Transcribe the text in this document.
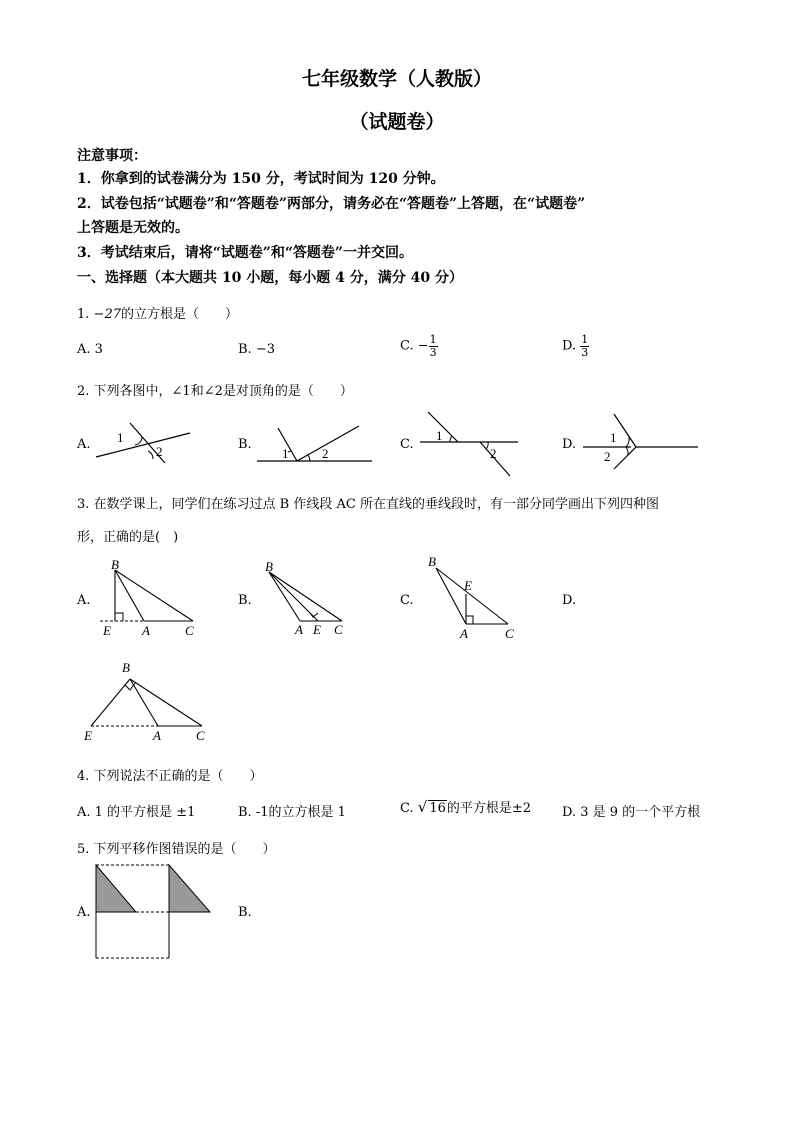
七年级数学（人教版）
（试题卷）
注意事项：
1．你拿到的试卷满分为 150 分，考试时间为 120 分钟。
2．试卷包括“试题卷”和“答题卷”两部分，请务必在“答题卷”上答题，在“试题卷”
上答题是无效的。
3．考试结束后，请将“试题卷”和“答题卷”一并交回。
一、选择题（本大题共 10 小题，每小题 4 分，满分 40 分）
1. −27的立方根是（　　）
A. 3	B. −3	C. − $\frac{1}{3}$	D. $\frac{1}{3}$
2. 下列各图中，∠1和∠2是对顶角的是（　　）
A.	B.	C.	D.
1
2	1	2
1
2
1
2
3. 在数学课上，同学们在练习过点 B 作线段 AC 所在直线的垂线段时，有一部分同学画出下列四种图
形，正确的是(　)
A.	B.	C.	D.
B
E A	C
B
A E C
B
E
A	C
B
E	A	C
4. 下列说法不正确的是（　　）
A. 1 的平方根是 ±1	B. -1的立方根是 1	C. √ 16的平方根是±2 D. 3 是 9 的一个平方根
5. 下列平移作图错误的是（　　）
A.	B.
